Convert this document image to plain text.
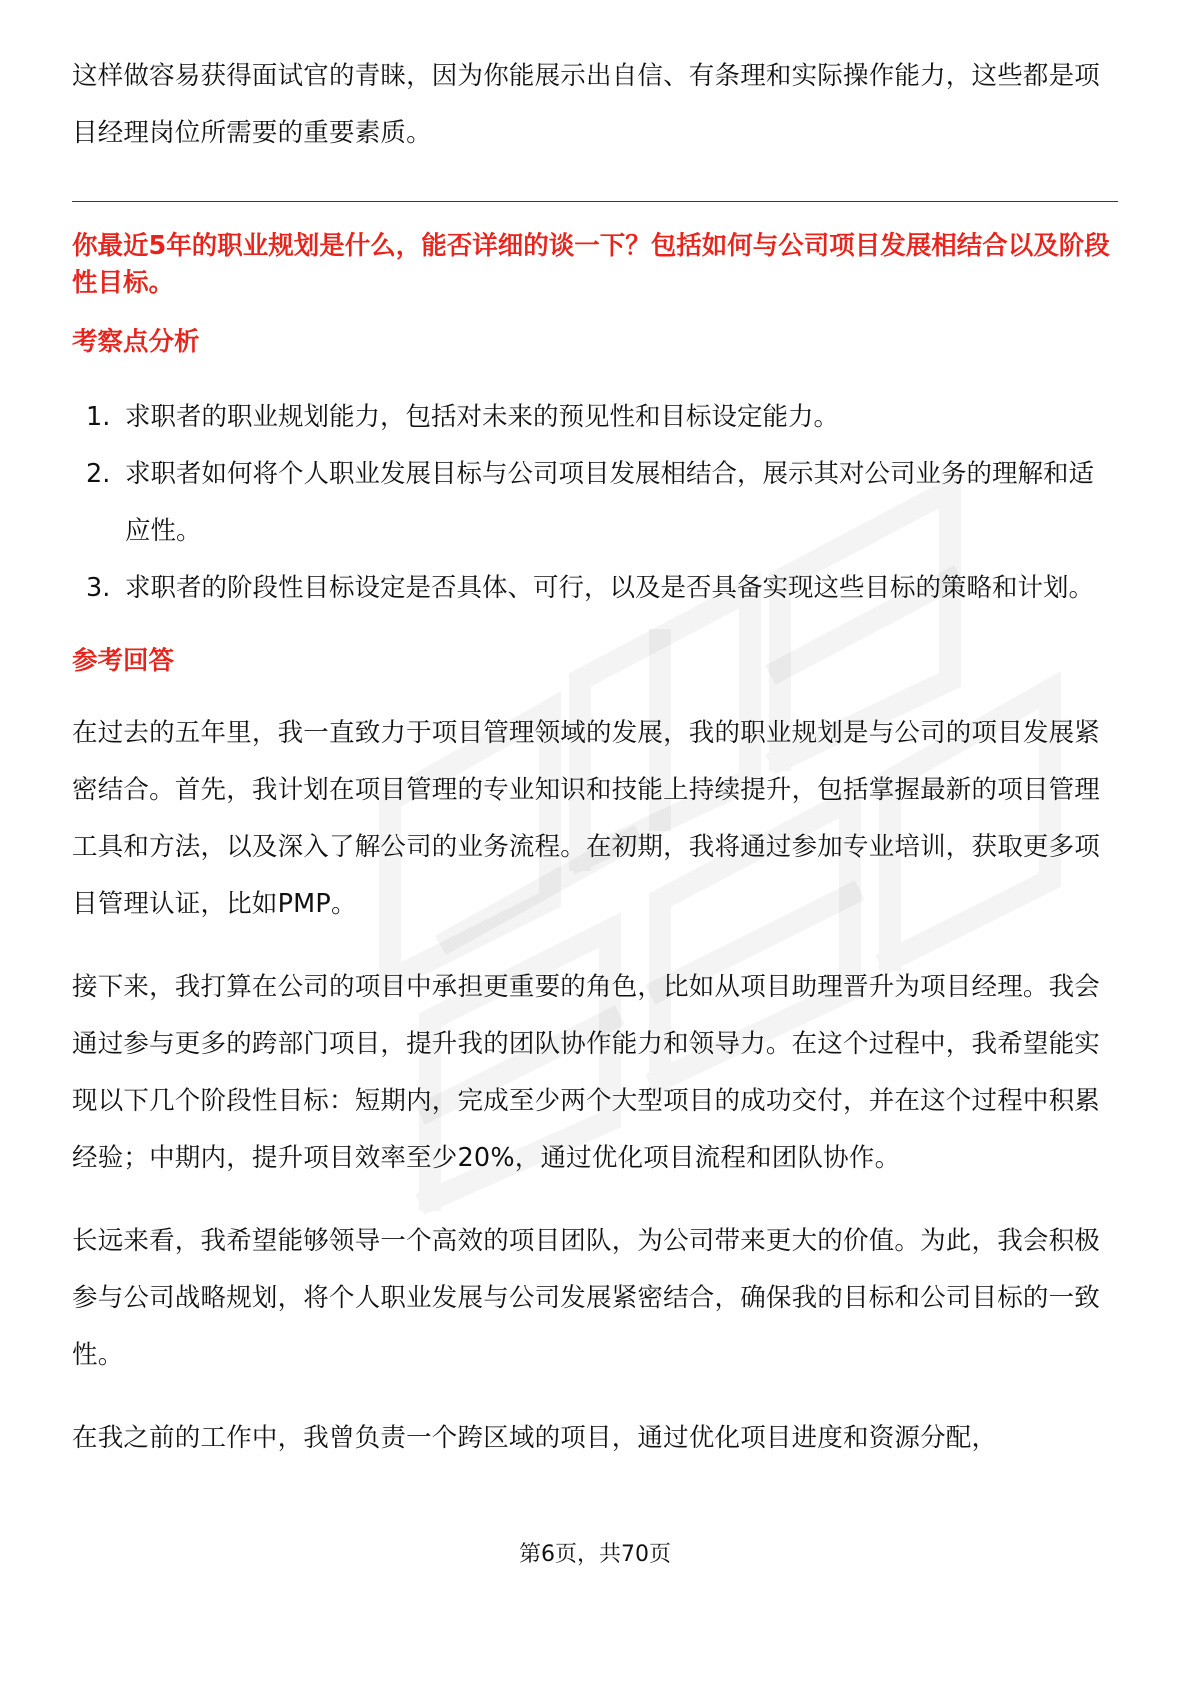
这样做容易获得面试官的青睐，因为你能展示出自信、有条理和实际操作能力，这些都是项目经理岗位所需要的重要素质。

你最近5年的职业规划是什么，能否详细的谈一下？包括如何与公司项目发展相结合以及阶段性目标。

考察点分析

1. 求职者的职业规划能力，包括对未来的预见性和目标设定能力。
2. 求职者如何将个人职业发展目标与公司项目发展相结合，展示其对公司业务的理解和适应性。
3. 求职者的阶段性目标设定是否具体、可行，以及是否具备实现这些目标的策略和计划。

参考回答

在过去的五年里，我一直致力于项目管理领域的发展，我的职业规划是与公司的项目发展紧密结合。首先，我计划在项目管理的专业知识和技能上持续提升，包括掌握最新的项目管理工具和方法，以及深入了解公司的业务流程。在初期，我将通过参加专业培训，获取更多项目管理认证，比如PMP。

接下来，我打算在公司的项目中承担更重要的角色，比如从项目助理晋升为项目经理。我会通过参与更多的跨部门项目，提升我的团队协作能力和领导力。在这个过程中，我希望能实现以下几个阶段性目标：短期内，完成至少两个大型项目的成功交付，并在这个过程中积累经验；中期内，提升项目效率至少20%，通过优化项目流程和团队协作。

长远来看，我希望能够领导一个高效的项目团队，为公司带来更大的价值。为此，我会积极参与公司战略规划，将个人职业发展与公司发展紧密结合，确保我的目标和公司目标的一致性。

在我之前的工作中，我曾负责一个跨区域的项目，通过优化项目进度和资源分配，

第6页，共70页
